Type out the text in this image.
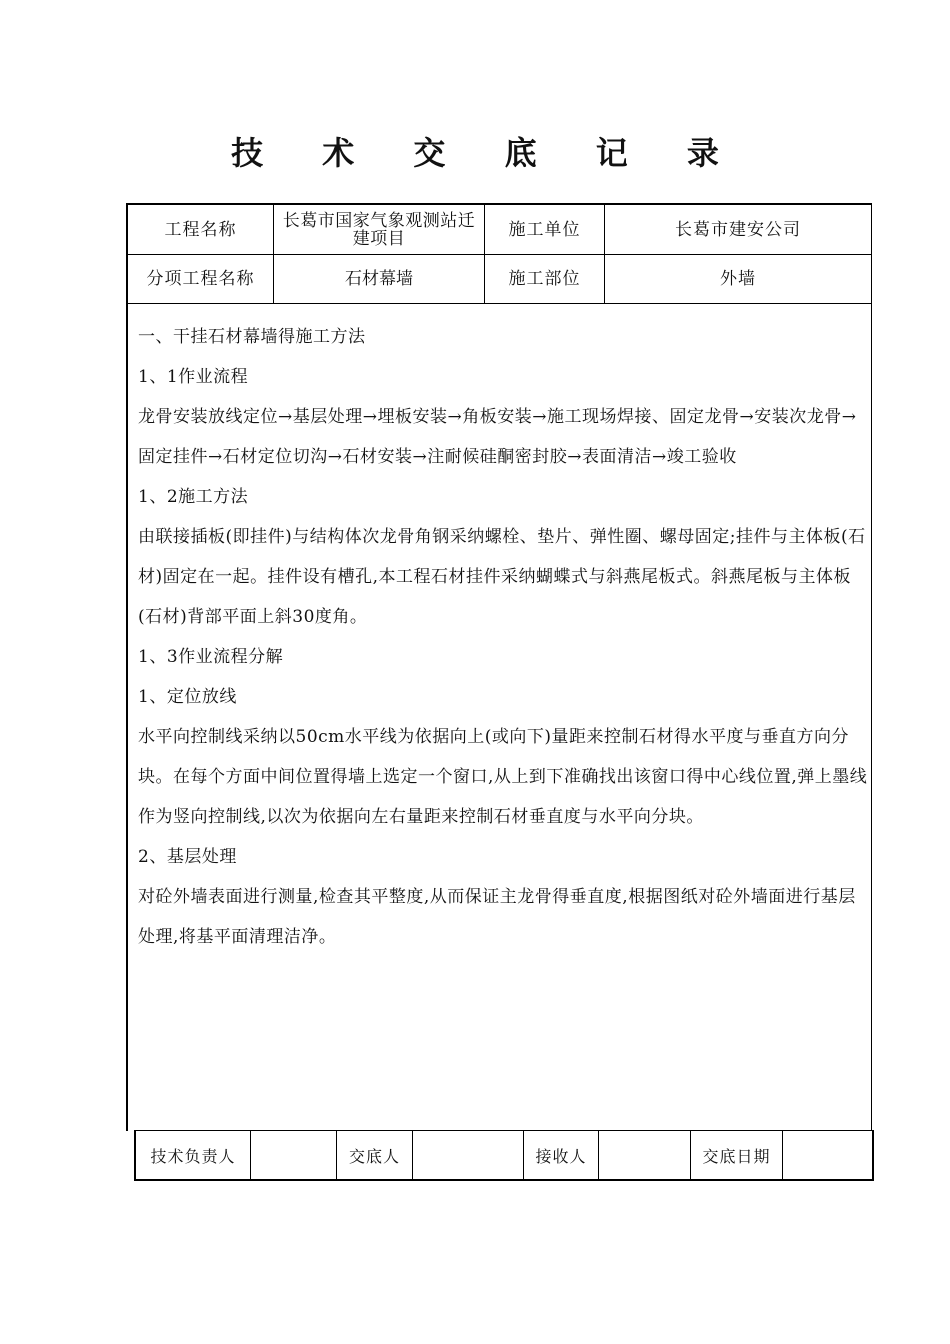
技 术 交 底 记 录
工程名称	长葛市国家气象观测站迁建项目	施工单位	长葛市建安公司
分项工程名称	石材幕墙	施工部位	外墙

一、干挂石材幕墙得施工方法

1、1作业流程

龙骨安装放线定位→基层处理→埋板安装→角板安装→施工现场焊接、固定龙骨→安装次龙骨→固定挂件→石材定位切沟→石材安装→注耐候硅酮密封胶→表面清洁→竣工验收

1、2施工方法

由联接插板(即挂件)与结构体次龙骨角钢采纳螺栓、垫片、弹性圈、螺母固定;挂件与主体板(石材)固定在一起。挂件设有槽孔,本工程石材挂件采纳蝴蝶式与斜燕尾板式。斜燕尾板与主体板(石材)背部平面上斜30度角。

1、3作业流程分解

1、定位放线

水平向控制线采纳以50cm水平线为依据向上(或向下)量距来控制石材得水平度与垂直方向分块。在每个方面中间位置得墙上选定一个窗口,从上到下准确找出该窗口得中心线位置,弹上墨线作为竖向控制线,以次为依据向左右量距来控制石材垂直度与水平向分块。

2、基层处理

对砼外墙表面进行测量,检查其平整度,从而保证主龙骨得垂直度,根据图纸对砼外墙面进行基层处理,将基平面清理洁净。

技术负责人	交底人	接收人	交底日期
